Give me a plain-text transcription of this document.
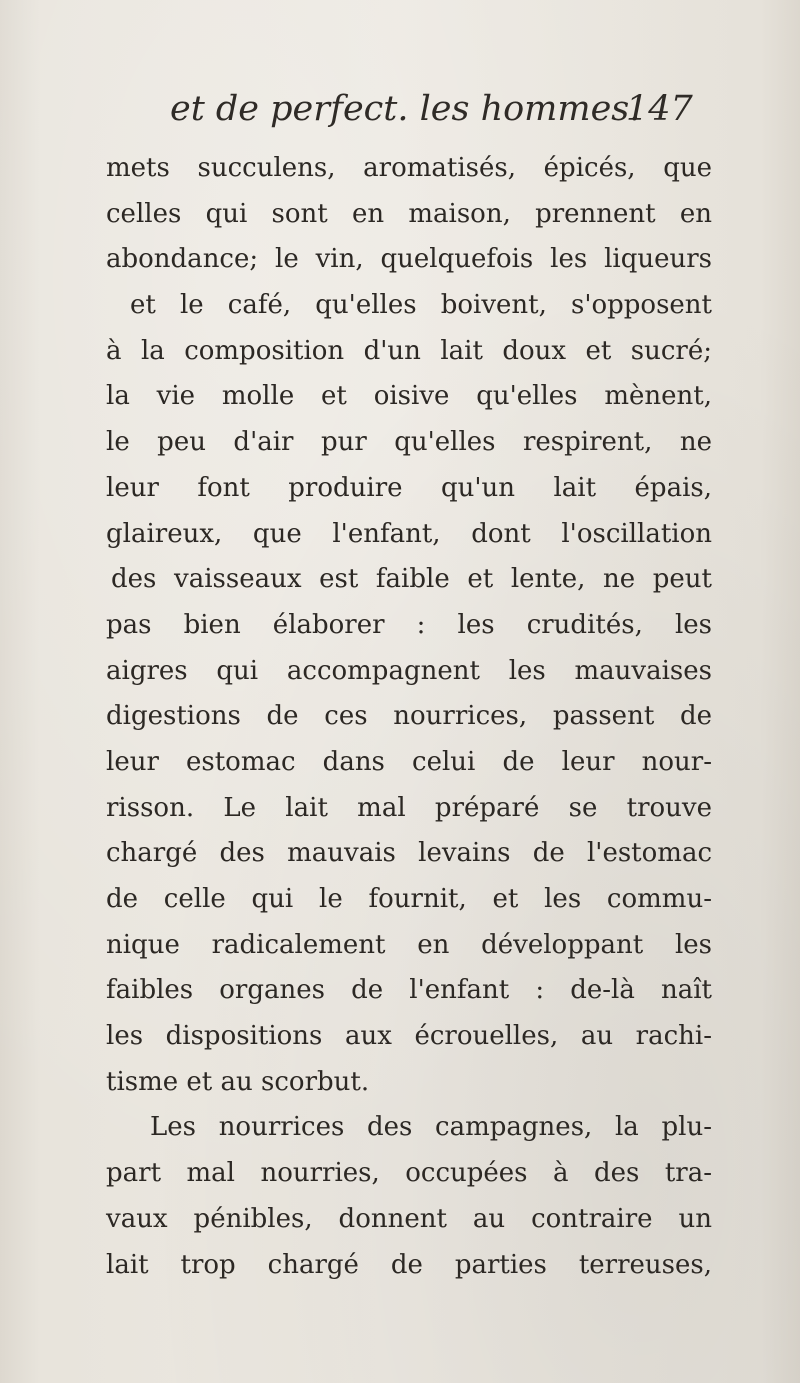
et de perfect. les hommes.
147
mets succulens, aromatisés, épicés, que
celles qui sont en maison, prennent en
abondance; le vin, quelquefois les liqueurs
et le café, qu'elles boivent, s'opposent
à la composition d'un lait doux et sucré;
la vie molle et oisive qu'elles mènent,
le peu d'air pur qu'elles respirent, ne
leur font produire qu'un lait épais,
glaireux, que l'enfant, dont l'oscillation
des vaisseaux est faible et lente, ne peut
pas bien élaborer : les crudités, les
aigres qui accompagnent les mauvaises
digestions de ces nourrices, passent de
leur estomac dans celui de leur nour-
risson. Le lait mal préparé se trouve
chargé des mauvais levains de l'estomac
de celle qui le fournit, et les commu-
nique radicalement en développant les
faibles organes de l'enfant : de-là naît
les dispositions aux écrouelles, au rachi-
tisme et au scorbut.
Les nourrices des campagnes, la plu-
part mal nourries, occupées à des tra-
vaux pénibles, donnent au contraire un
lait trop chargé de parties terreuses,
